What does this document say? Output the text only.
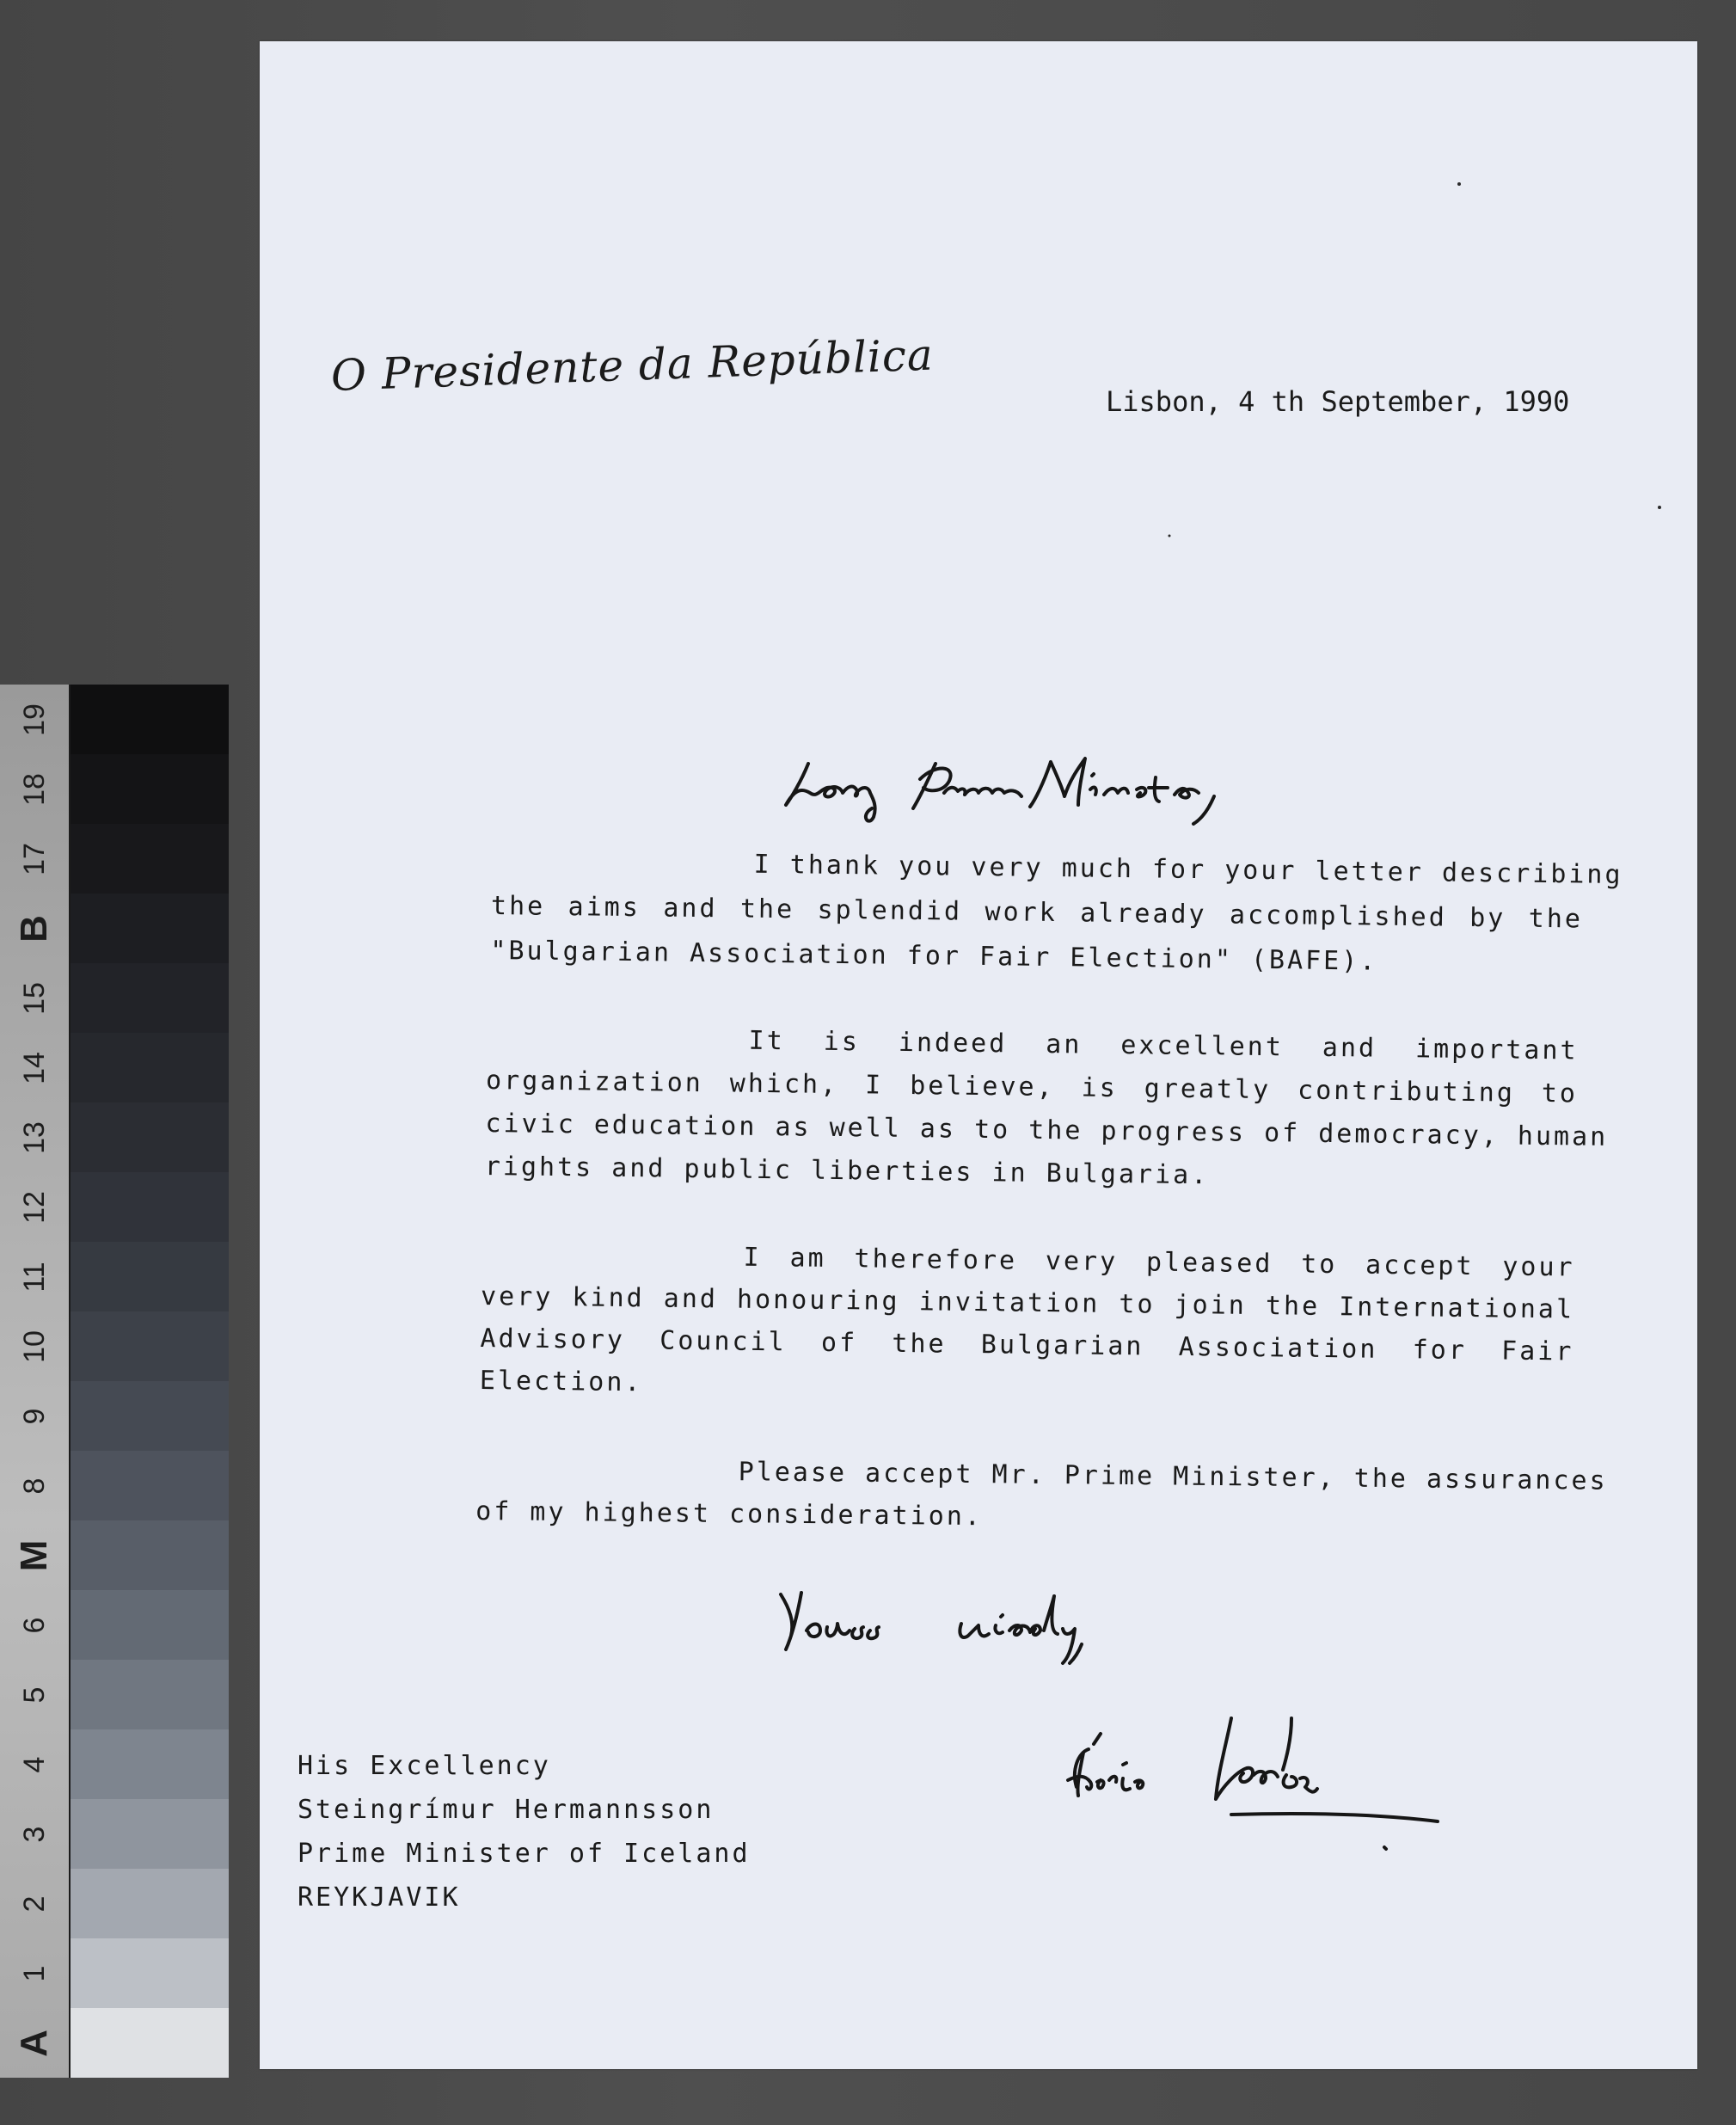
A
1
2
3
4
5
6
M
8
9
10
11
12
13
14
15
B
17
18
19
O Presidente da República
Lisbon, 4 th September, 1990
I thank you very much for your letter describing
the aims and the splendid work already accomplished by the
"Bulgarian Association for Fair Election" (BAFE).
It is indeed an excellent and important
organization which, I believe, is greatly contributing to
civic education as well as to the progress of democracy, human
rights and public liberties in Bulgaria.
I am therefore very pleased to accept your
very kind and honouring invitation to join the International
Advisory Council of the Bulgarian Association for Fair
Election.
Please accept Mr. Prime Minister, the assurances
of my highest consideration.
His Excellency
Steingrímur Hermannsson
Prime Minister of Iceland
REYKJAVIK
